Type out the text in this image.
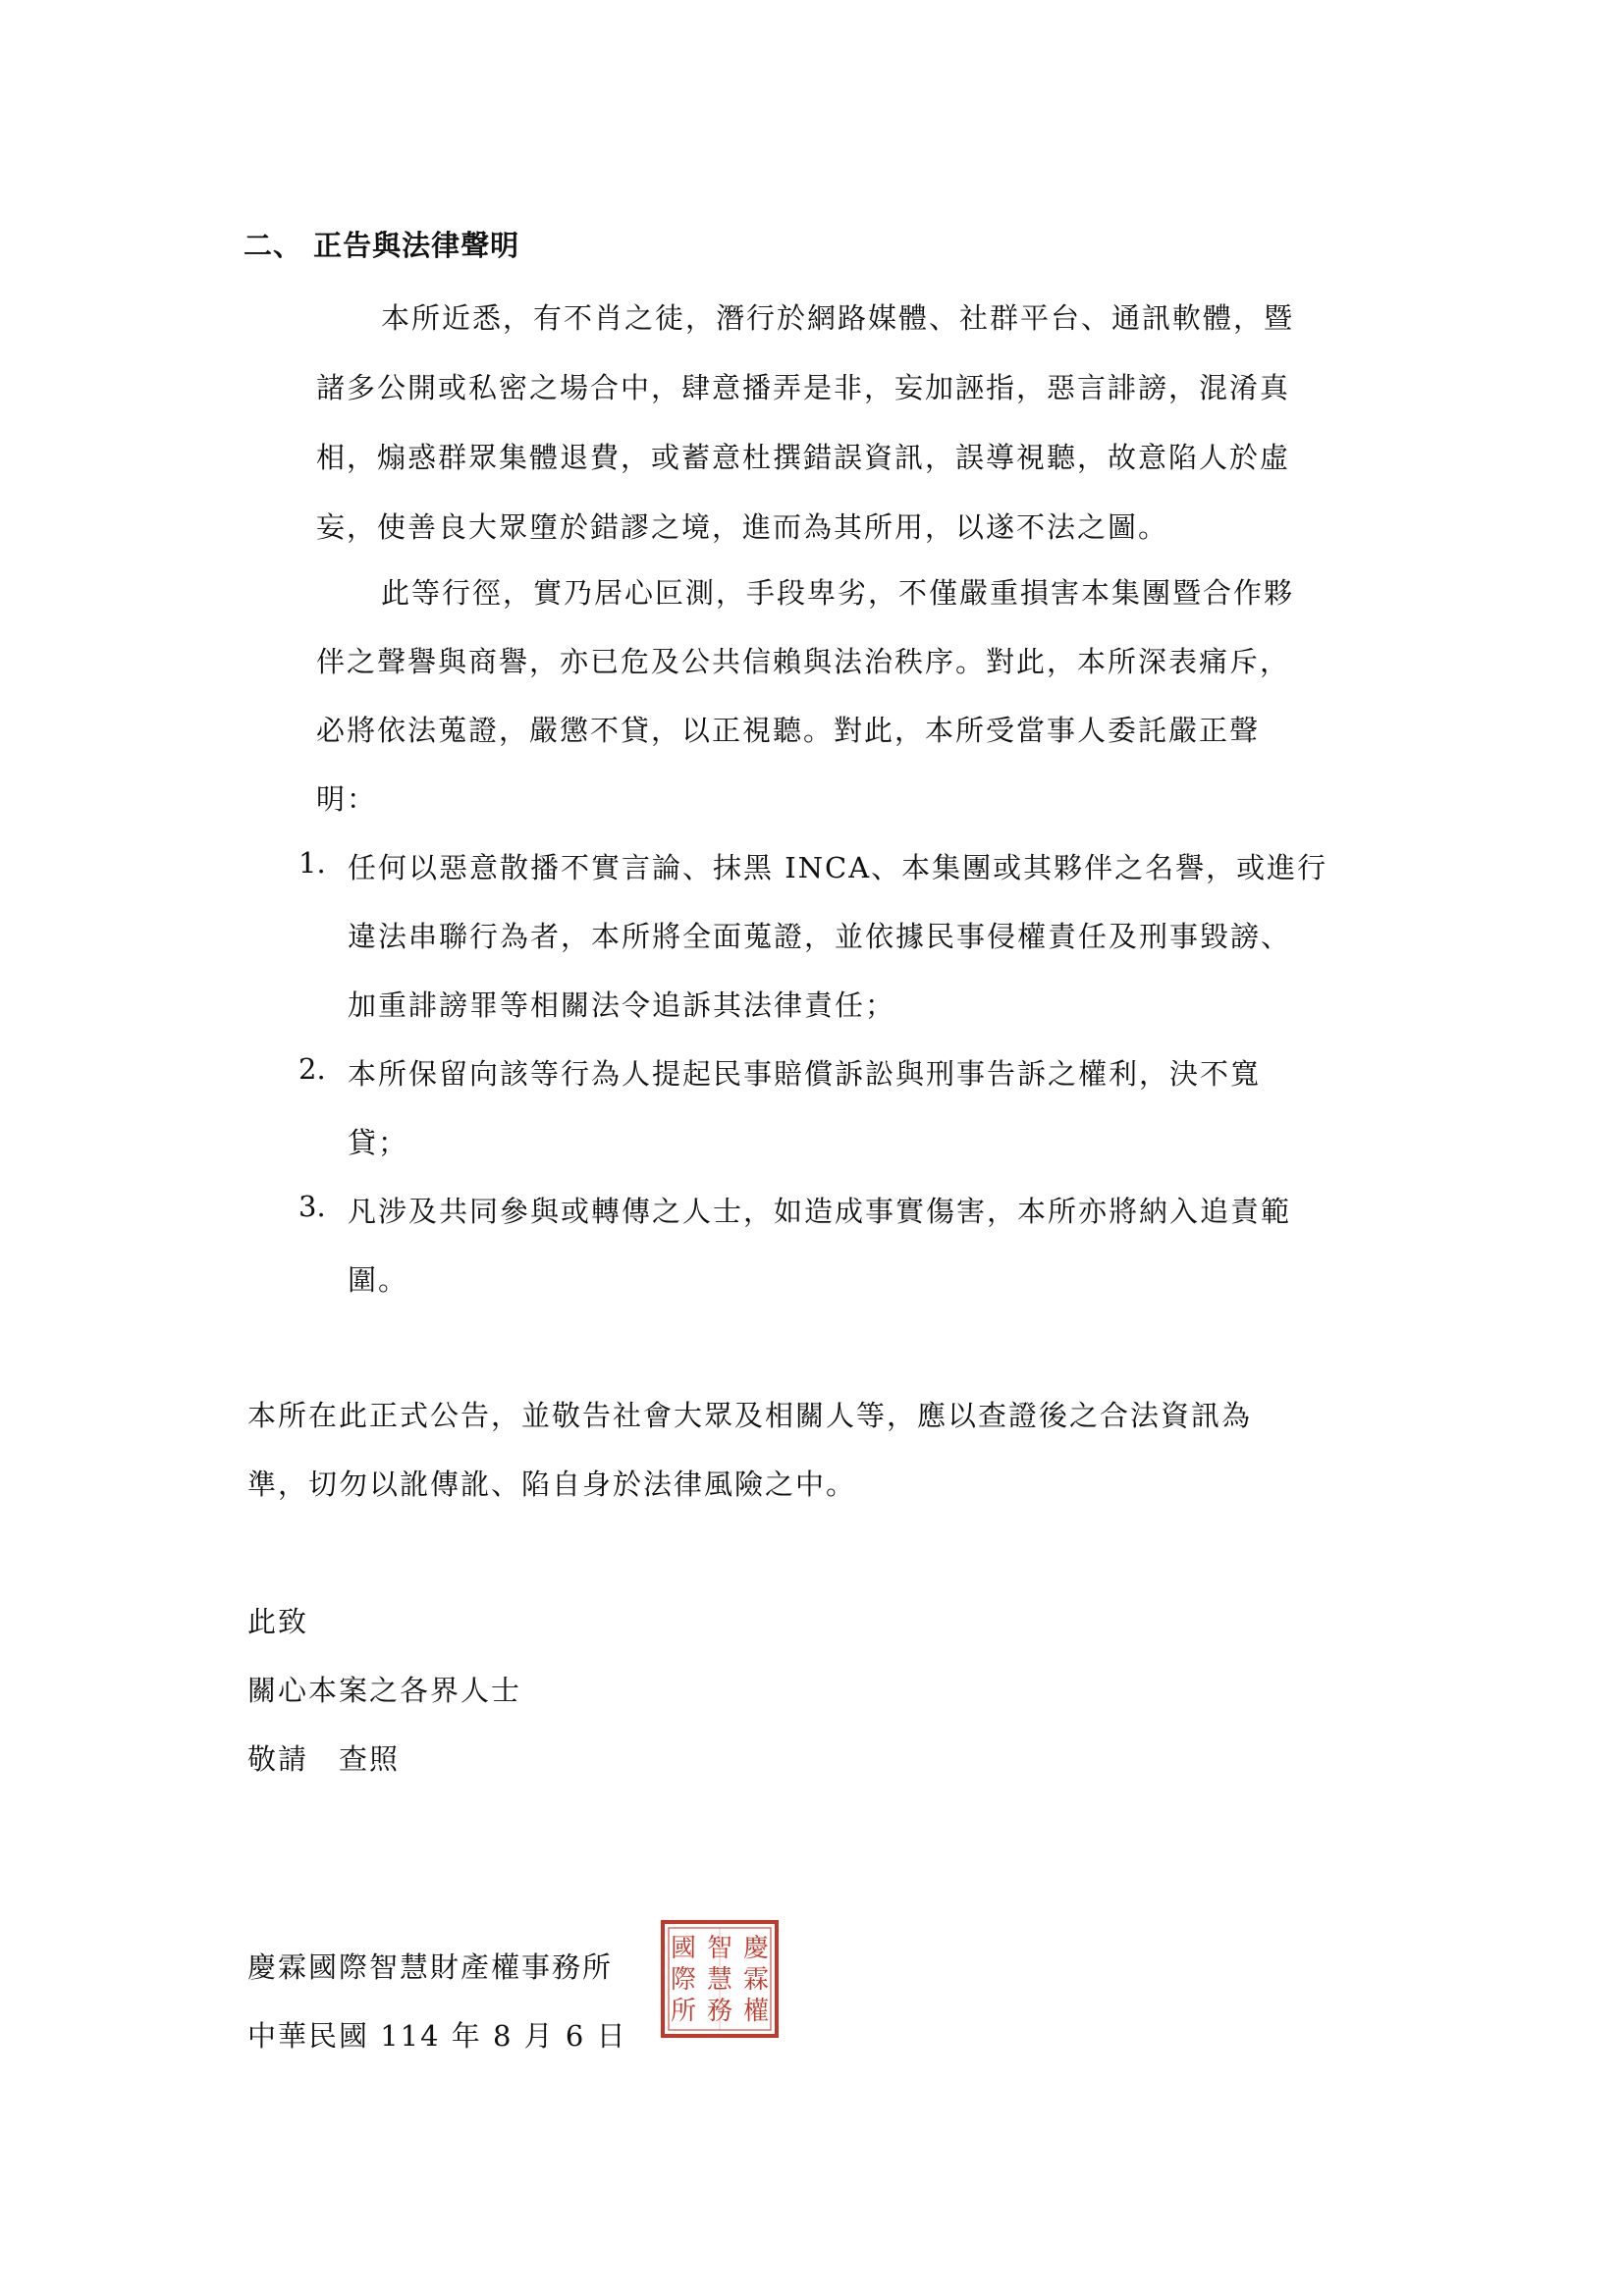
二、 正告與法律聲明
本所近悉，有不肖之徒，潛行於網路媒體、社群平台、通訊軟體，暨
諸多公開或私密之場合中，肆意播弄是非，妄加誣指，惡言誹謗，混淆真
相，煽惑群眾集體退費，或蓄意杜撰錯誤資訊，誤導視聽，故意陷人於虛
妄，使善良大眾墮於錯謬之境，進而為其所用，以遂不法之圖。
此等行徑，實乃居心叵測，手段卑劣，不僅嚴重損害本集團暨合作夥
伴之聲譽與商譽，亦已危及公共信賴與法治秩序。對此，本所深表痛斥，
必將依法蒐證，嚴懲不貸，以正視聽。對此，本所受當事人委託嚴正聲
明：
1. 任何以惡意散播不實言論、抹黑 INCA、本集團或其夥伴之名譽，或進行
違法串聯行為者，本所將全面蒐證，並依據民事侵權責任及刑事毀謗、
加重誹謗罪等相關法令追訴其法律責任；
2. 本所保留向該等行為人提起民事賠償訴訟與刑事告訴之權利，決不寬
貸；
3. 凡涉及共同參與或轉傳之人士，如造成事實傷害，本所亦將納入追責範
圍。
本所在此正式公告，並敬告社會大眾及相關人等，應以查證後之合法資訊為
準，切勿以訛傳訛、陷自身於法律風險之中。
此致
關心本案之各界人士
敬請　查照
慶霖國際智慧財產權事務所
中華民國 114 年 8 月 6 日
慶
霖
權
智
慧
務
國
際
所
